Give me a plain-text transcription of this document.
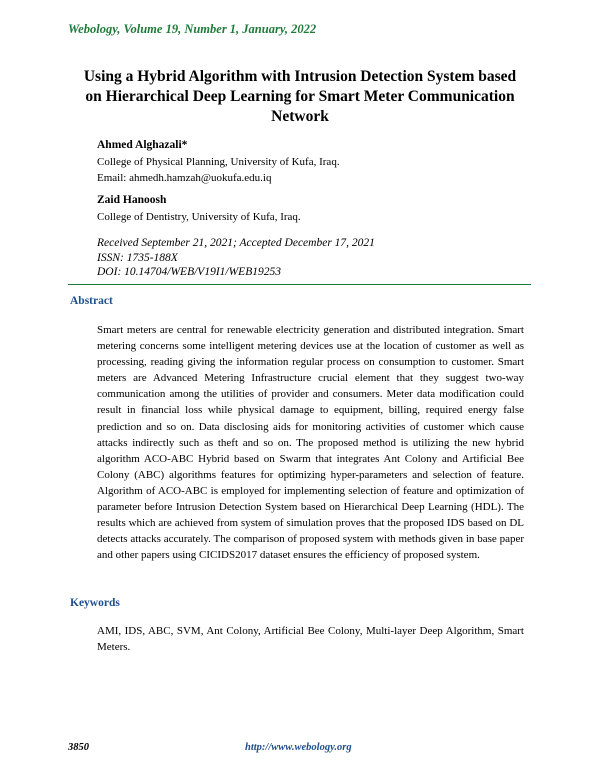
Webology, Volume 19, Number 1, January, 2022
Using a Hybrid Algorithm with Intrusion Detection System based
on Hierarchical Deep Learning for Smart Meter Communication
Network
Ahmed Alghazali*
College of Physical Planning, University of Kufa, Iraq.
Email: ahmedh.hamzah@uokufa.edu.iq
Zaid Hanoosh
College of Dentistry, University of Kufa, Iraq.
Received September 21, 2021; Accepted December 17, 2021
ISSN: 1735-188X
DOI: 10.14704/WEB/V19I1/WEB19253
Abstract
Smart meters are central for renewable electricity generation and distributed integration. Smart metering concerns some intelligent metering devices use at the location of customer as well as processing, reading giving the information regular process on consumption to customer. Smart meters are Advanced Metering Infrastructure crucial element that they suggest two-way communication among the utilities of provider and consumers. Meter data modification could result in financial loss while physical damage to equipment, billing, required energy false prediction and so on. Data disclosing aids for monitoring activities of customer which cause attacks indirectly such as theft and so on. The proposed method is utilizing the new hybrid algorithm ACO-ABC Hybrid based on Swarm that integrates Ant Colony and Artificial Bee Colony (ABC) algorithms features for optimizing hyper-parameters and selection of feature. Algorithm of ACO-ABC is employed for implementing selection of feature and optimization of parameter before Intrusion Detection System based on Hierarchical Deep Learning (HDL). The results which are achieved from system of simulation proves that the proposed IDS based on DL detects attacks accurately. The comparison of proposed system with methods given in base paper and other papers using CICIDS2017 dataset ensures the efficiency of proposed system.
Keywords
AMI, IDS, ABC, SVM, Ant Colony, Artificial Bee Colony, Multi-layer Deep Algorithm, Smart Meters.
3850	http://www.webology.org
